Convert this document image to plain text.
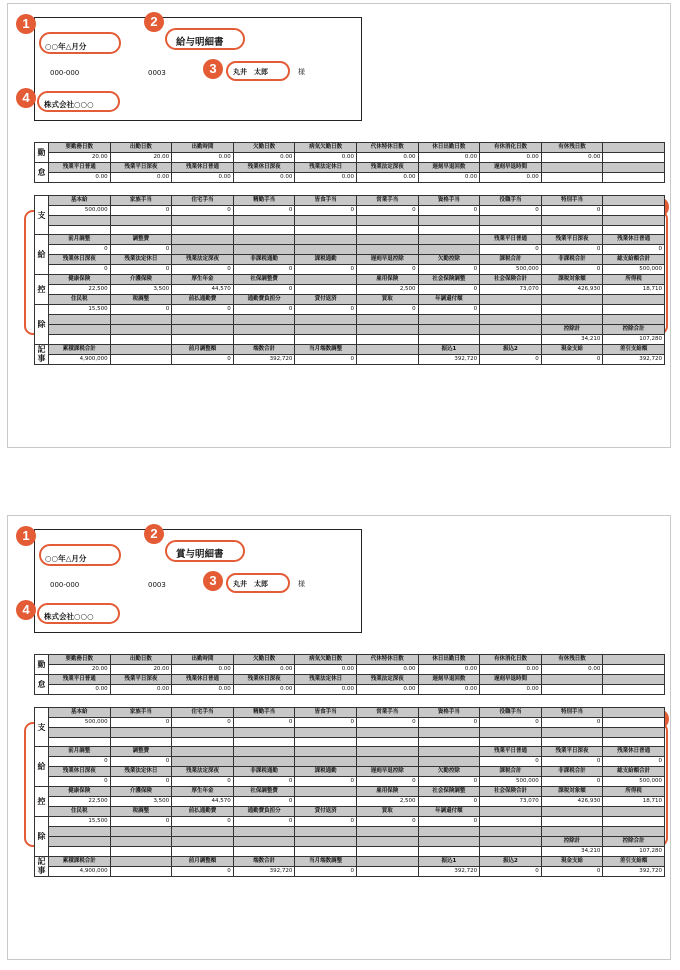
○○年△月分	給与明細書
000-000	0003	丸井　太郎	様
株式会社○○○
1	2
3
4
勤	要勤務日数	出勤日数	出勤時間	欠勤日数	病気欠勤日数	代休特休日数	休日出勤日数	有休消化日数	有休残日数	
	20.00	20.00	0.00	0.00	0.00	0.00	0.00	0.00	0.00	
怠	残業平日普通	残業平日深夜	残業休日普通	残業休日深夜	残業法定休日	残業法定深夜	遅刻早退回数	遅刻早退時間		
	0.00	0.00	0.00	0.00	0.00	0.00	0.00	0.00		

支	基本給	家族手当	住宅手当	精勤手当	皆食手当	営業手当	資格手当	役職手当	特別手当	
	500,000	0	0	0	0	0	0	0	0	

給	前月調整	調整費						残業平日普通	残業平日深夜	残業休日普通
	0	0						0	0	0
	残業休日深夜	残業法定休日	残業法定深夜	非課税通勤	課税通勤	遅刻早退控除	欠勤控除	課税合計	非課税合計	総支給額合計
	0	0	0	0	0	0	0	500,000	0	500,000
控	健康保険	介護保険	厚生年金	社保調整費		雇用保険	社会保険調整	社会保険合計	課税対象額	所得税
	22,500	3,500	44,570	0		2,500	0	73,070	426,930	18,710
	住民税	税調整	前払通勤費	通勤費負担分	貸付返済	買取	年調還付額			
除	15,500	0	0	0	0	0	0			

									控除計	控除合計
									34,210	107,280

記
事	累積課税合計		前月調整額	端数合計	当月端数調整		振込1	振込2	現金支給	差引支給額
	4,900,000		0	392,720	0		392,720	0	0	392,720
○○年△月分	賞与明細書
000-000	0003	丸井　太郎	様
株式会社○○○
1	2
3
4
勤	要勤務日数	出勤日数	出勤時間	欠勤日数	病気欠勤日数	代休特休日数	休日出勤日数	有休消化日数	有休残日数	
	20.00	20.00	0.00	0.00	0.00	0.00	0.00	0.00	0.00	
怠	残業平日普通	残業平日深夜	残業休日普通	残業休日深夜	残業法定休日	残業法定深夜	遅刻早退回数	遅刻早退時間		
	0.00	0.00	0.00	0.00	0.00	0.00	0.00	0.00		

支	基本給	家族手当	住宅手当	精勤手当	皆食手当	営業手当	資格手当	役職手当	特別手当	
	500,000	0	0	0	0	0	0	0	0	

給	前月調整	調整費						残業平日普通	残業平日深夜	残業休日普通
	0	0						0	0	0
	残業休日深夜	残業法定休日	残業法定深夜	非課税通勤	課税通勤	遅刻早退控除	欠勤控除	課税合計	非課税合計	総支給額合計
	0	0	0	0	0	0	0	500,000	0	500,000
控	健康保険	介護保険	厚生年金	社保調整費		雇用保険	社会保険調整	社会保険合計	課税対象額	所得税
	22,500	3,500	44,570	0		2,500	0	73,070	426,930	18,710
	住民税	税調整	前払通勤費	通勤費負担分	貸付返済	買取	年調還付額			
除	15,500	0	0	0	0	0	0			

									控除計	控除合計
									34,210	107,280

記
事	累積課税合計		前月調整額	端数合計	当月端数調整		振込1	振込2	現金支給	差引支給額
	4,900,000		0	392,720	0		392,720	0	0	392,720
